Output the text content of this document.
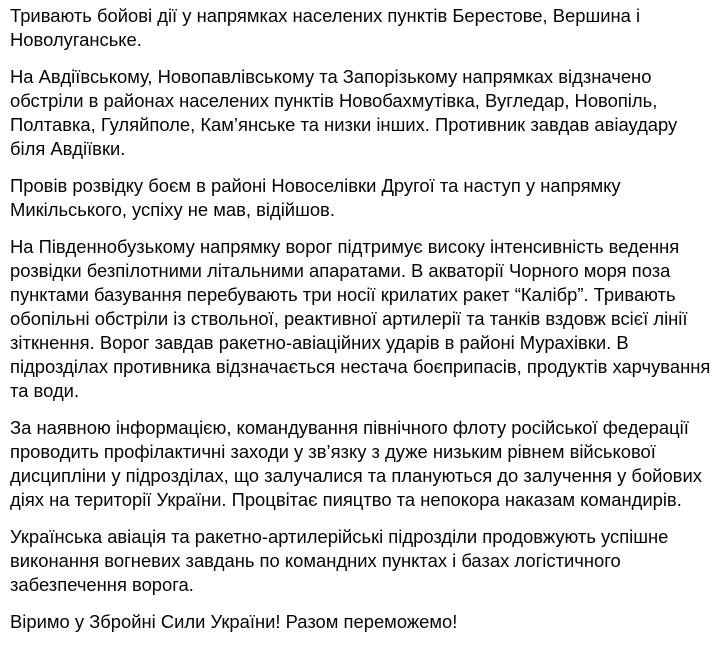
Тривають бойові дії у напрямках населених пунктів Берестове, Вершина і Новолуганське.

На Авдіївському, Новопавлівському та Запорізькому напрямках відзначено обстріли в районах населених пунктів Новобахмутівка, Вугледар, Новопіль, Полтавка, Гуляйполе, Кам’янське та низки інших. Противник завдав авіаудару біля Авдіївки.

Провів розвідку боєм в районі Новоселівки Другої та наступ у напрямку Микільського, успіху не мав, відійшов.

На Південнобузькому напрямку ворог підтримує високу інтенсивність ведення розвідки безпілотними літальними апаратами. В акваторії Чорного моря поза пунктами базування перебувають три носії крилатих ракет “Калібр”. Тривають обопільні обстріли із ствольної, реактивної артилерії та танків вздовж всієї лінії зіткнення. Ворог завдав ракетно-авіаційних ударів в районі Мурахівки. В підрозділах противника відзначається нестача боєприпасів, продуктів харчування та води.

За наявною інформацією, командування північного флоту російської федерації проводить профілактичні заходи у зв’язку з дуже низьким рівнем військової дисципліни у підрозділах, що залучалися та плануються до залучення у бойових діях на території України. Процвітає пияцтво та непокора наказам командирів.

Українська авіація та ракетно-артилерійські підрозділи продовжують успішне виконання вогневих завдань по командних пунктах і базах логістичного забезпечення ворога.

Віримо у Збройні Сили України! Разом переможемо!
